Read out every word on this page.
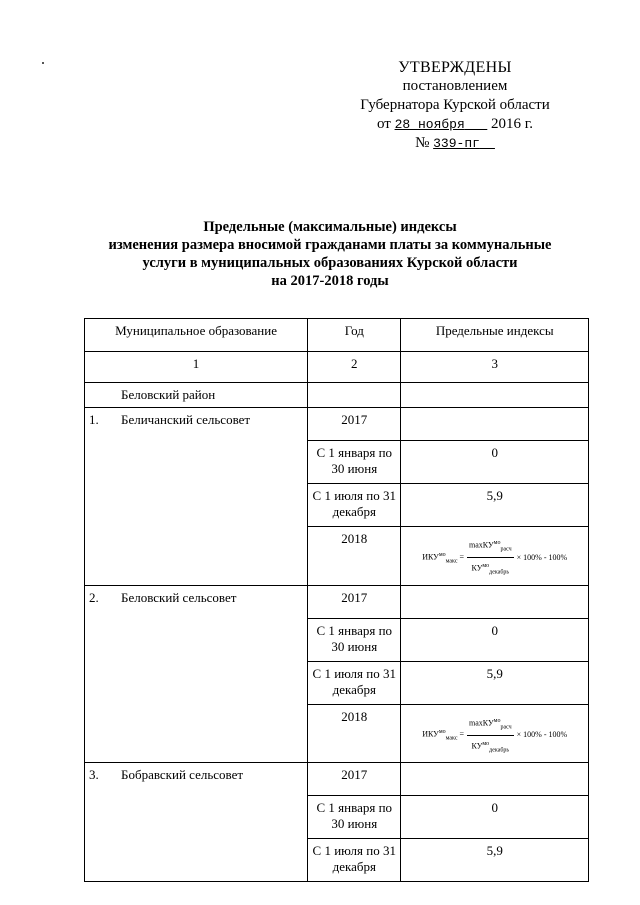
УТВЕРЖДЕНЫ
постановлением
Губернатора Курской области
от 28 ноября 2016 г.
№ 339-пг
Предельные (максимальные) индексы
изменения размера вносимой гражданами платы за коммунальные
услуги в муниципальных образованиях Курской области
на 2017-2018 годы
Муниципальное образование	Год	Предельные индексы
1	2	3
Беловский район		

1. Беличанский сельсовет	2017	
	С 1 января по 30 июня	0
	С 1 июля по 31 декабря	5,9
	2018	$ИКУ^{мо}_{макс} = \frac{\max КУ^{мо}_{расч}}{КУ^{мо}_{декабрь}} \times 100\% - 100\%$

2. Беловский сельсовет	2017	
	С 1 января по 30 июня	0
	С 1 июля по 31 декабря	5,9
	2018	$ИКУ^{мо}_{макс} = \frac{\max КУ^{мо}_{расч}}{КУ^{мо}_{декабрь}} \times 100\% - 100\%$

3. Бобравский сельсовет	2017	
	С 1 января по 30 июня	0
	С 1 июля по 31 декабря	5,9
